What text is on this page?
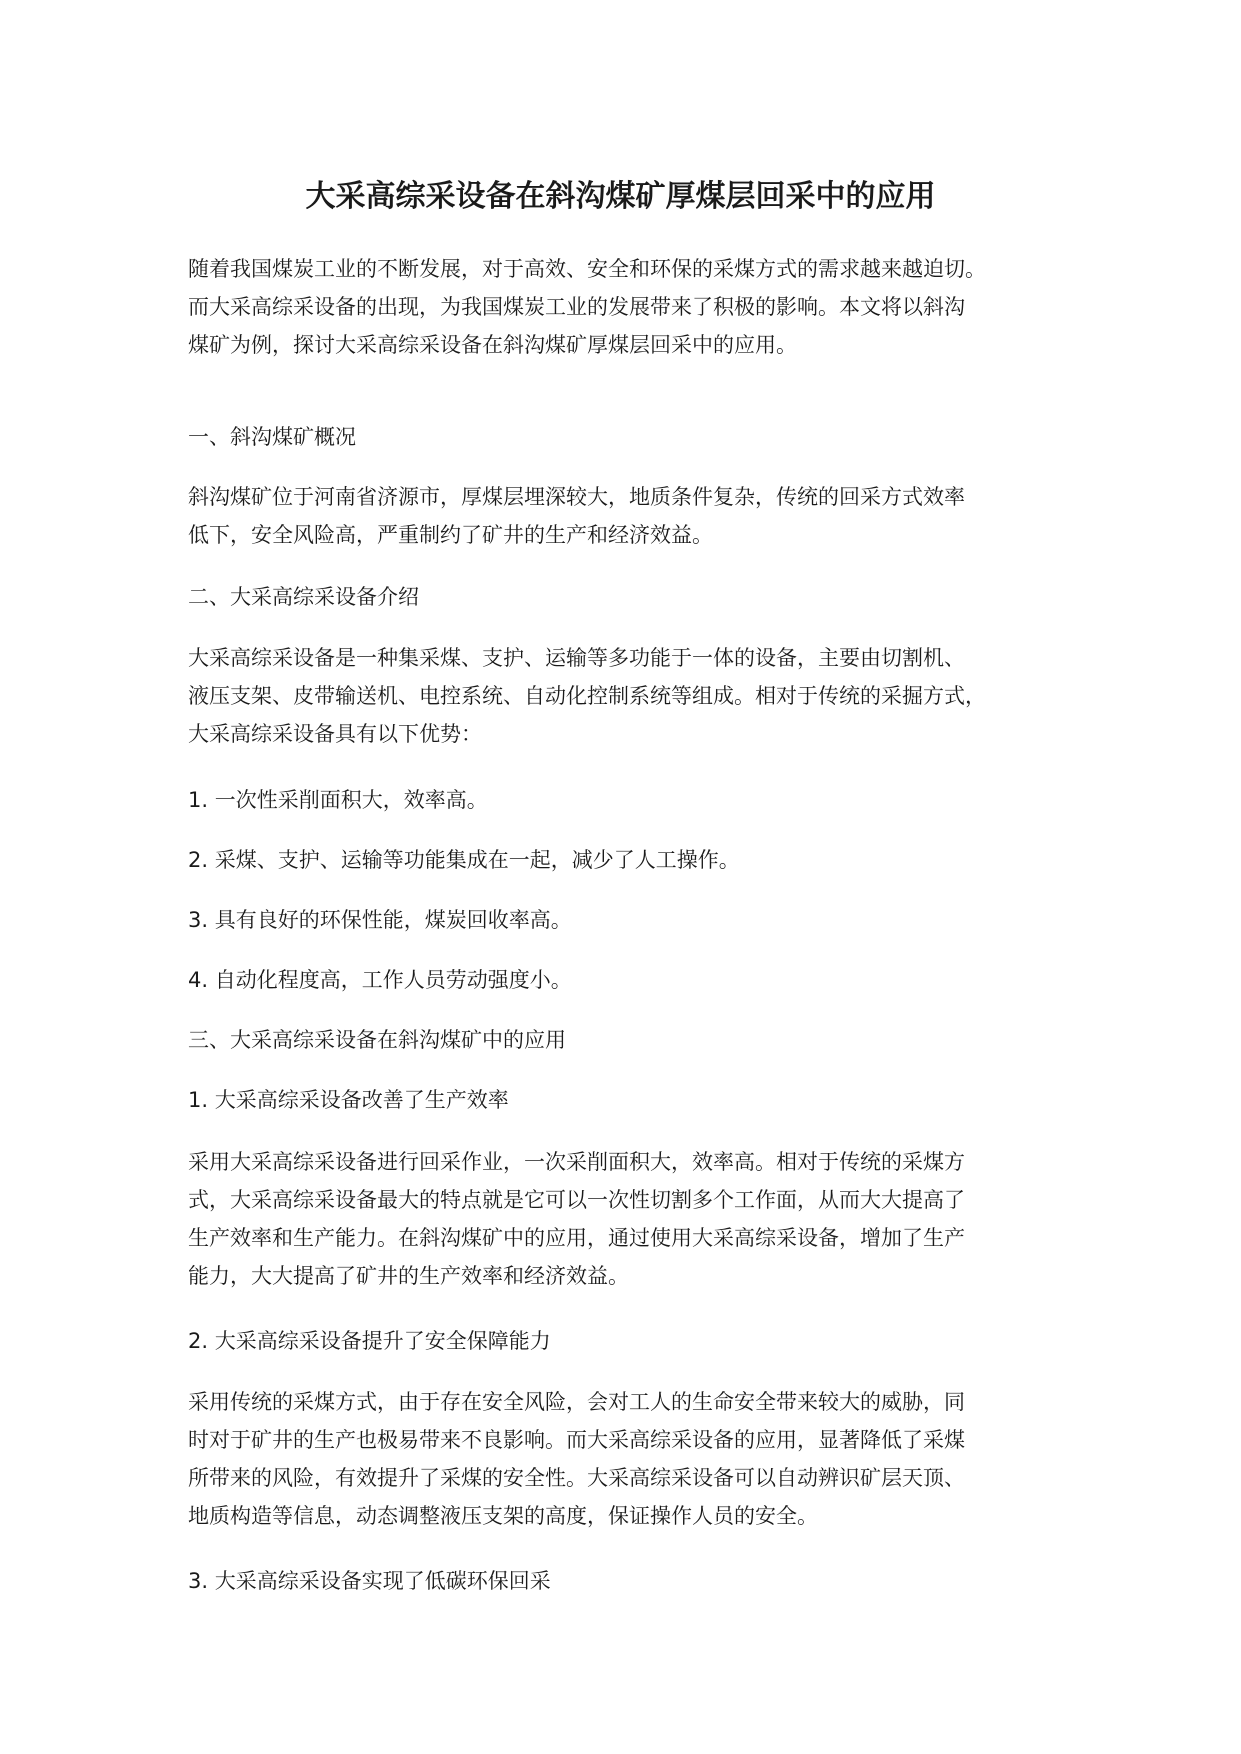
大采高综采设备在斜沟煤矿厚煤层回采中的应用

随着我国煤炭工业的不断发展，对于高效、安全和环保的采煤方式的需求越来越迫切。
而大采高综采设备的出现，为我国煤炭工业的发展带来了积极的影响。本文将以斜沟
煤矿为例，探讨大采高综采设备在斜沟煤矿厚煤层回采中的应用。

一、斜沟煤矿概况

斜沟煤矿位于河南省济源市，厚煤层埋深较大，地质条件复杂，传统的回采方式效率
低下，安全风险高，严重制约了矿井的生产和经济效益。

二、大采高综采设备介绍

大采高综采设备是一种集采煤、支护、运输等多功能于一体的设备，主要由切割机、
液压支架、皮带输送机、电控系统、自动化控制系统等组成。相对于传统的采掘方式，
大采高综采设备具有以下优势：

1. 一次性采削面积大，效率高。

2. 采煤、支护、运输等功能集成在一起，减少了人工操作。

3. 具有良好的环保性能，煤炭回收率高。

4. 自动化程度高，工作人员劳动强度小。

三、大采高综采设备在斜沟煤矿中的应用

1. 大采高综采设备改善了生产效率

采用大采高综采设备进行回采作业，一次采削面积大，效率高。相对于传统的采煤方
式，大采高综采设备最大的特点就是它可以一次性切割多个工作面，从而大大提高了
生产效率和生产能力。在斜沟煤矿中的应用，通过使用大采高综采设备，增加了生产
能力，大大提高了矿井的生产效率和经济效益。

2. 大采高综采设备提升了安全保障能力

采用传统的采煤方式，由于存在安全风险，会对工人的生命安全带来较大的威胁，同
时对于矿井的生产也极易带来不良影响。而大采高综采设备的应用，显著降低了采煤
所带来的风险，有效提升了采煤的安全性。大采高综采设备可以自动辨识矿层天顶、
地质构造等信息，动态调整液压支架的高度，保证操作人员的安全。

3. 大采高综采设备实现了低碳环保回采
